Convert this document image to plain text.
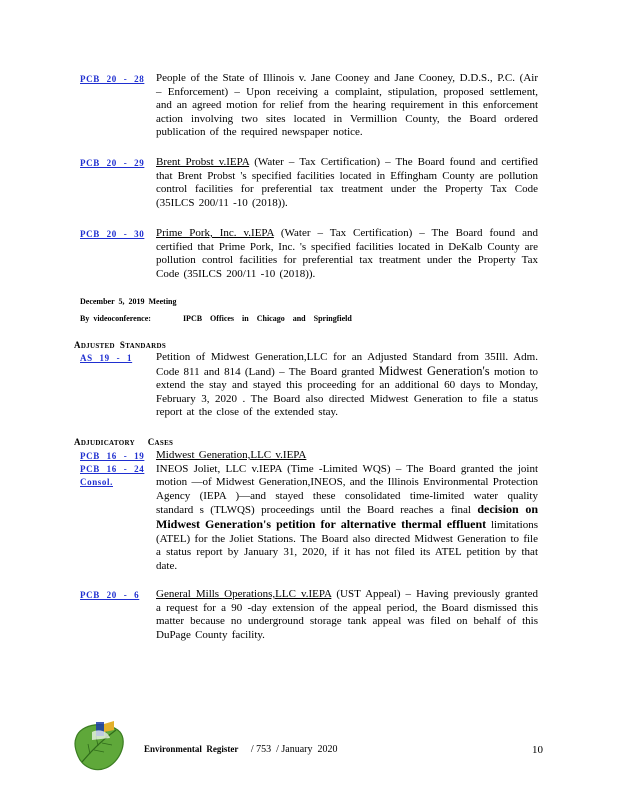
PCB 20 - 28 People of the State of Illinois v. Jane Cooney and Jane Cooney, D.D.S., P.C. (Air – Enforcement) – Upon receiving a complaint, stipulation, proposed settlement, and an agreed motion for relief from the hearing requirement in this enforcement action involving two sites located in Vermillion County, the Board ordered publication of the required newspaper notice.
PCB 20 - 29 Brent Probst v.IEPA (Water – Tax Certification) – The Board found and certified that Brent Probst 's specified facilities located in Effingham County are pollution control facilities for preferential tax treatment under the Property Tax Code (35ILCS 200/11 -10 (2018)).
PCB 20 - 30 Prime Pork, Inc. v.IEPA (Water – Tax Certification) – The Board found and certified that Prime Pork, Inc. 's specified facilities located in DeKalb County are pollution control facilities for preferential tax treatment under the Property Tax Code (35ILCS 200/11 -10 (2018)).
December 5, 2019 Meeting
By videoconference:        IPCB  Offices  in  Chicago  and  Springfield
ADJUSTED STANDARDS
AS 19 - 1 Petition of Midwest Generation,LLC for an Adjusted Standard from 35Ill. Adm. Code 811 and 814 (Land) – The Board granted Midwest Generation's motion to extend the stay and stayed this proceeding for an additional 60 days to Monday, February 3, 2020 . The Board also directed Midwest Generation to file a status report at the close of the extended stay.
ADJUDICATORY CASES
PCB 16 - 19
PCB 16 - 24
Consol.
Midwest Generation,LLC v.IEPA
INEOS Joliet, LLC v.IEPA (Time -Limited WQS) – The Board granted the joint motion —of Midwest Generation,INEOS, and the Illinois Environmental Protection Agency (IEPA )—and stayed these consolidated time-limited water quality standard s (TLWQS) proceedings until the Board reaches a final decision on Midwest Generation's petition for alternative thermal effluent limitations (ATEL) for the Joliet Stations. The Board also directed Midwest Generation to file a status report by January 31, 2020, if it has not filed its ATEL petition by that date.
PCB 20 - 6 General Mills Operations,LLC v.IEPA (UST Appeal) – Having previously granted a request for a 90 -day extension of the appeal period, the Board dismissed this matter because no underground storage tank appeal was filed on behalf of this DuPage County facility.
Environmental  Register / 753  / January  2020	10
